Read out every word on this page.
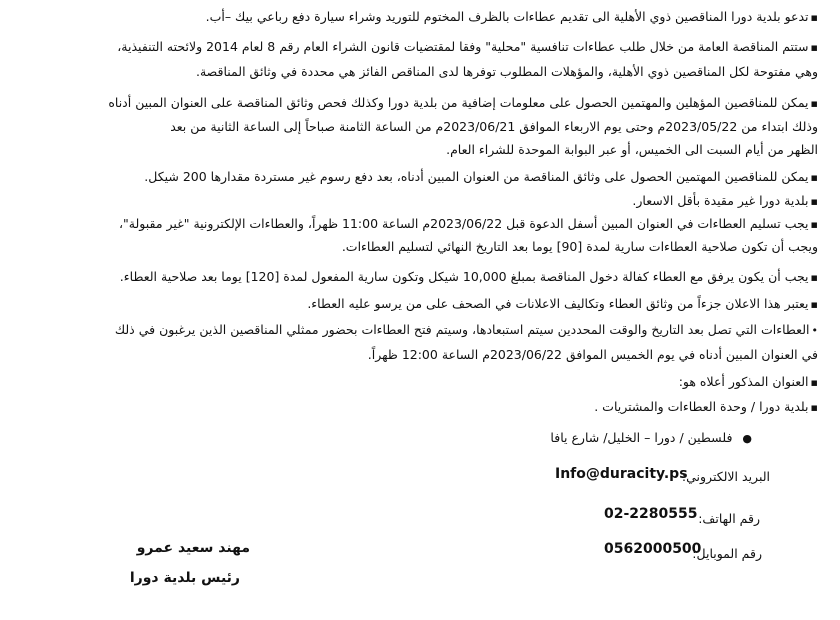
▪تدعو بلدية دورا المناقصين ذوي الأهلية الى تقديم عطاءات بالظرف المختوم للتوريد وشراء سيارة دفع رباعي بيك –أب.
▪ستتم المناقصة العامة من خلال طلب عطاءات تنافسية "محلية" وفقا لمقتضيات قانون الشراء العام رقم 8 لعام 2014 ولائحته التنفيذية،
وهي مفتوحة لكل المناقصين ذوي الأهلية، والمؤهلات المطلوب توفرها لدى المناقص الفائز هي محددة في وثائق المناقصة.
▪يمكن للمناقصين المؤهلين والمهتمين الحصول على معلومات إضافية من بلدية دورا وكذلك فحص وثائق المناقصة على العنوان المبين أدناه
وذلك ابتداء من 2023/05/22م وحتى يوم الاربعاء الموافق 2023/06/21م من الساعة الثامنة صباحاً إلى الساعة الثانية من بعد
الظهر من أيام السبت الى الخميس، أو عبر البوابة الموحدة للشراء العام.
▪يمكن للمناقصين المهتمين الحصول على وثائق المناقصة من العنوان المبين أدناه، بعد دفع رسوم غير مستردة مقدارها 200 شيكل.
▪بلدية دورا غير مقيدة بأقل الاسعار.
▪يجب تسليم العطاءات في العنوان المبين أسفل الدعوة قبل 2023/06/22م الساعة 11:00 ظهراً، والعطاءات الإلكترونية "غير مقبولة"،
ويجب أن تكون صلاحية العطاءات سارية لمدة [90] يوما بعد التاريخ النهائي لتسليم العطاءات.
▪يجب أن يكون يرفق مع العطاء كفالة دخول المناقصة بمبلغ 10,000 شيكل وتكون سارية المفعول لمدة [120] يوما بعد صلاحية العطاء.
▪يعتبر هذا الاعلان جزءاً من وثائق العطاء وتكاليف الاعلانات في الصحف على من يرسو عليه العطاء.
•العطاءات التي تصل بعد التاريخ والوقت المحددين سيتم استبعادها، وسيتم فتح العطاءات بحضور ممثلي المناقصين الذين يرغبون في ذلك
في العنوان المبين أدناه في يوم الخميس الموافق 2023/06/22م الساعة 12:00 ظهراً.
▪العنوان المذكور أعلاه هو:
▪بلدية دورا / وحدة العطاءات والمشتريات .
●  فلسطين / دورا – الخليل/ شارع يافا
البريد الالكتروني:
Info@duracity.ps
رقم الهاتف:
02-2280555
رقم الموبايل:
0562000500
مهند سعيد عمرو
رئيس بلدية دورا
